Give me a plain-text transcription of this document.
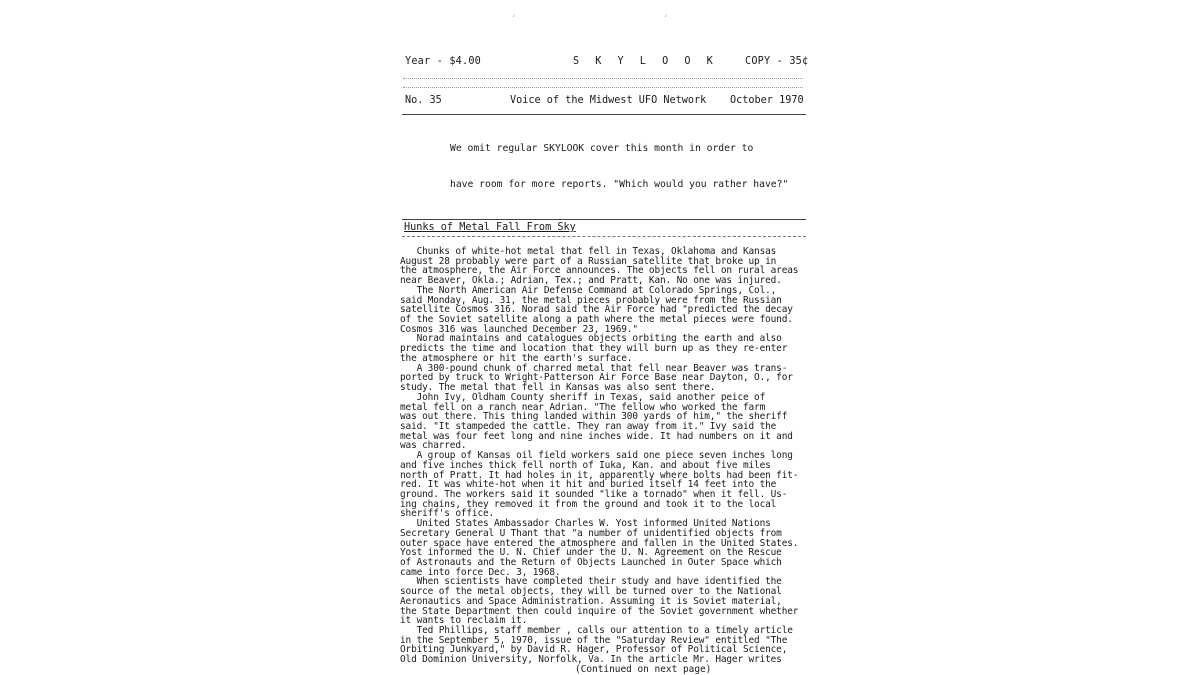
ʻ	ʻ
Year - $4.00	S K Y L O O K	COPY - 35¢
No. 35	Voice of the Midwest UFO Network October 1970

We omit regular SKYLOOK cover this month in order to

have room for more reports. "Which would you rather have?"

Hunks of Metal Fall From Sky
Chunks of white-hot metal that fell in Texas, Oklahoma and Kansas
August 28 probably were part of a Russian satellite that broke up in
the atmosphere, the Air Force announces. The objects fell on rural areas
near Beaver, Okla.; Adrian, Tex.; and Pratt, Kan. No one was injured.
The North American Air Defense Command at Colorado Springs, Col.,
said Monday, Aug. 31, the metal pieces probably were from the Russian
satellite Cosmos 316. Norad said the Air Force had "predicted the decay
of the Soviet satellite along a path where the metal pieces were found.
Cosmos 316 was launched December 23, 1969."
Norad maintains and catalogues objects orbiting the earth and also
predicts the time and location that they will burn up as they re-enter
the atmosphere or hit the earth's surface.
A 300-pound chunk of charred metal that fell near Beaver was trans-
ported by truck to Wright-Patterson Air Force Base near Dayton, O., for
study. The metal that fell in Kansas was also sent there.
John Ivy, Oldham County sheriff in Texas, said another peice of
metal fell on a ranch near Adrian. "The fellow who worked the farm
was out there. This thing landed within 300 yards of him," the sheriff
said. "It stampeded the cattle. They ran away from it." Ivy said the
metal was four feet long and nine inches wide. It had numbers on it and
was charred.
A group of Kansas oil field workers said one piece seven inches long
and five inches thick fell north of Iuka, Kan. and about five miles
north of Pratt. It had holes in it, apparently where bolts had been fit-
red. It was white-hot when it hit and buried itself 14 feet into the
ground. The workers said it sounded "like a tornado" when it fell. Us-
ing chains, they removed it from the ground and took it to the local
sheriff's office.
United States Ambassador Charles W. Yost informed United Nations
Secretary General U Thant that "a number of unidentified objects from
outer space have entered the atmosphere and fallen in the United States.
Yost informed the U. N. Chief under the U. N. Agreement on the Rescue
of Astronauts and the Return of Objects Launched in Outer Space which
came into force Dec. 3, 1968.
When scientists have completed their study and have identified the
source of the metal objects, they will be turned over to the National
Aeronautics and Space Administration. Assuming it is Soviet material,
the State Department then could inquire of the Soviet government whether
it wants to reclaim it.
Ted Phillips, staff member , calls our attention to a timely article
in the September 5, 1970, issue of the "Saturday Review" entitled "The
Orbiting Junkyard," by David R. Hager, Professor of Political Science,
Old Dominion University, Norfolk, Va. In the article Mr. Hager writes
(Continued on next page)
